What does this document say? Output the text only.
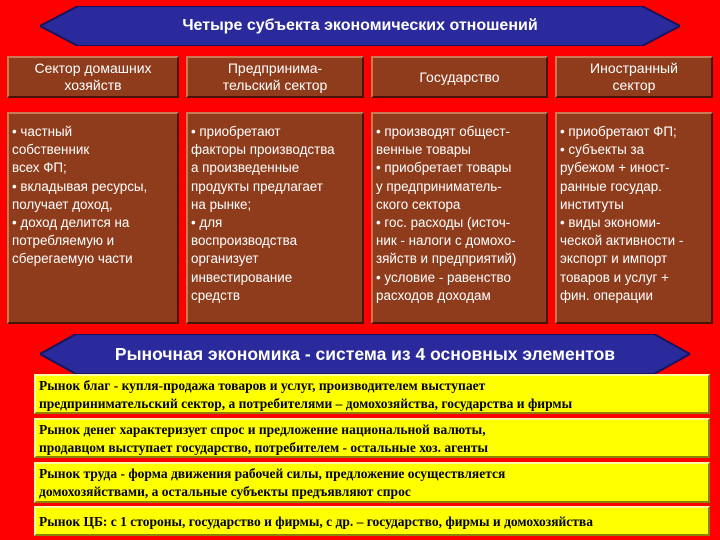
Четыре субъекта экономических отношений
Сектор домашних
хозяйств
Предпринима-
тельский сектор
Государство
Иностранный
сектор
• частный
собственник
всех ФП;
• вкладывая ресурсы,
получает доход,
• доход делится на
потребляемую и
сберегаемую части
• приобретают
факторы производства
а произведенные
продукты предлагает
на рынке;
• для
воспроизводства
организует
инвестирование
средств
• производят общест-
венные товары
• приобретает товары
у предприниматель-
ского сектора
• гос. расходы (источ-
ник - налоги с домохо-
зяйств и предприятий)
• условие - равенство
расходов доходам
• приобретают ФП;
• субъекты за
рубежом + иност-
ранные государ.
институты
• виды экономи-
ческой активности -
экспорт и импорт
товаров и услуг +
фин. операции
Рыночная экономика - система из 4 основных элементов
Рынок благ - купля-продажа товаров и услуг, производителем выступает
предпринимательский сектор, а потребителями – домохозяйства, государства и фирмы
Рынок денег характеризует спрос и предложение национальной валюты,
продавцом выступает государство, потребителем - остальные хоз. агенты
Рынок труда - форма движения рабочей силы, предложение осуществляется
домохозяйствами, а остальные субъекты предъявляют спрос
Рынок ЦБ: с 1 стороны, государство и фирмы, с др. – государство, фирмы и домохозяйства
